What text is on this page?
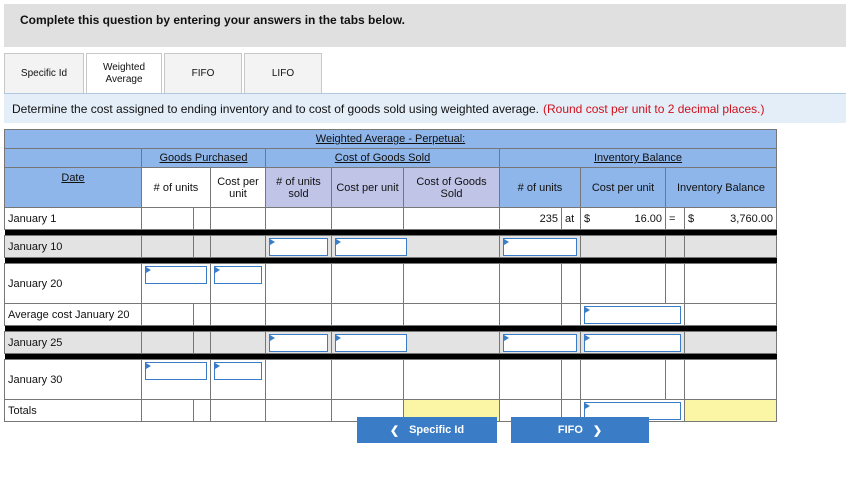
Complete this question by entering your answers in the tabs below.
Specific Id	Weighted Average
FIFO	LIFO
Determine the cost assigned to ending inventory and to cost of goods sold using weighted average. (Round cost per unit to 2 decimal places.)
Weighted Average - Perpetual:											
	Goods Purchased			Cost of Goods Sold			Inventory Balance				
Date	# of units		Cost per unit	# of units sold	Cost per unit	Cost of Goods Sold	# of units		Cost per unit	Inventory Balance	
January 1							235	at	$ 16.00	=	$ 3,760.00

January 10						

January 20		

Average cost January 20										

January 25							

January 30		

Totals										

❮ Specific Id	FIFO ❯
